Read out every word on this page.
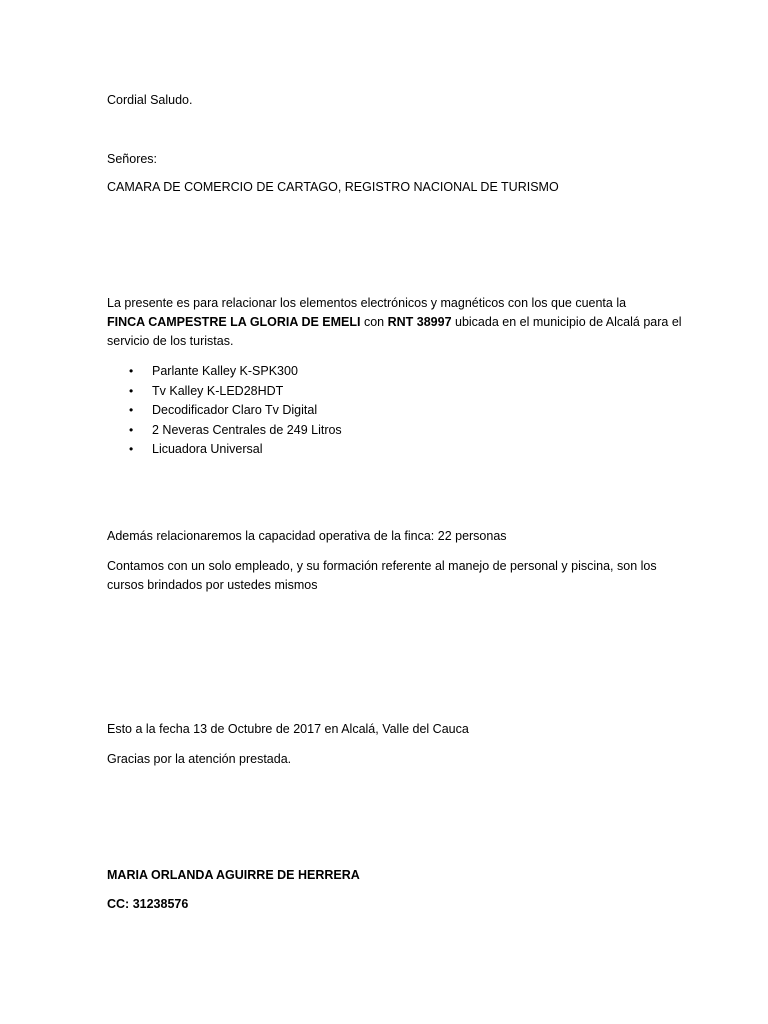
Cordial Saludo.

Señores:

CAMARA DE COMERCIO DE CARTAGO, REGISTRO NACIONAL DE TURISMO

La presente es para relacionar los elementos electrónicos y magnéticos con los que cuenta la
FINCA CAMPESTRE LA GLORIA DE EMELI con RNT 38997 ubicada en el municipio de Alcalá para el
servicio de los turistas.
• Parlante Kalley K-SPK300
• Tv Kalley K-LED28HDT
• Decodificador Claro Tv Digital
• 2 Neveras Centrales de 249 Litros
• Licuadora Universal

Además relacionaremos la capacidad operativa de la finca: 22 personas

Contamos con un solo empleado, y su formación referente al manejo de personal y piscina, son los
cursos brindados por ustedes mismos

Esto a la fecha 13 de Octubre de 2017 en Alcalá, Valle del Cauca

Gracias por la atención prestada.

MARIA ORLANDA AGUIRRE DE HERRERA

CC: 31238576
